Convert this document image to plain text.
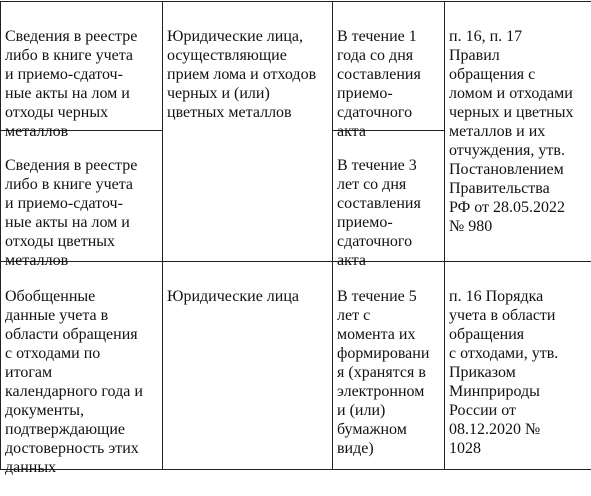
Сведения в реестре
либо в книге учета
и приемо-сдаточ-
ные акты на лом и
отходы черных
металлов

Юридические лица,
осуществляющие
прием лома и отходов
черных и (или)
цветных металлов

В течение 1
года со дня
составления
приемо-
сдаточного
акта

п. 16, п. 17
Правил
обращения с
ломом и отходами
черных и цветных
металлов и их
отчуждения, утв.
Постановлением
Правительства
РФ от 28.05.2022
№ 980

Сведения в реестре
либо в книге учета
и приемо-сдаточ-
ные акты на лом и
отходы цветных
металлов

В течение 3
лет со дня
составления
приемо-
сдаточного
акта

Обобщенные
данные учета в
области обращения
с отходами по
итогам
календарного года и
документы,
подтверждающие
достоверность этих
данных

Юридические лица	В течение 5
лет с
момента их
формировани
я (хранятся в
электронном
и (или)
бумажном
виде)

п. 16 Порядка
учета в области
обращения
с отходами, утв.
Приказом
Минприроды
России от
08.12.2020 №
1028
